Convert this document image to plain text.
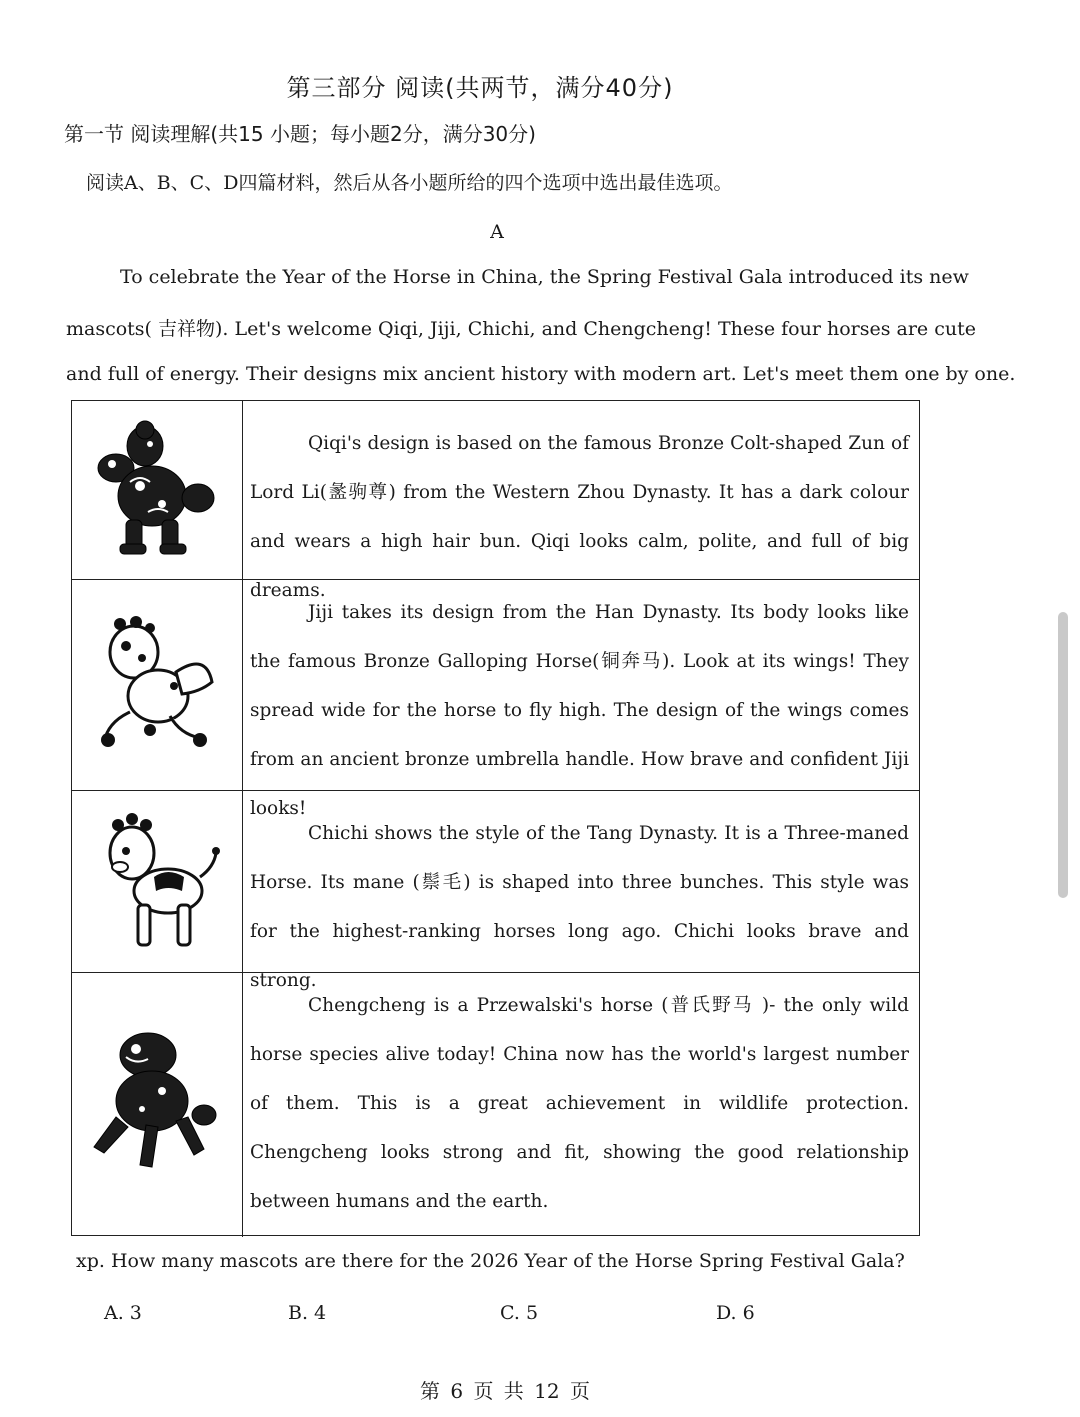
第三部分 阅读(共两节，满分40分)
第一节 阅读理解(共15 小题；每小题2分，满分30分)
阅读A、B、C、D四篇材料，然后从各小题所给的四个选项中选出最佳选项。
A
To celebrate the Year of the Horse in China, the Spring Festival Gala introduced its new
mascots( 吉祥物). Let's welcome Qiqi, Jiji, Chichi, and Chengcheng! These four horses are cute
and full of energy. Their designs mix ancient history with modern art. Let's meet them one by one.

Qiqi's design is based on the famous Bronze Colt-shaped Zun of Lord Li(盠驹尊) from the Western Zhou Dynasty. It has a dark colour and wears a high hair bun. Qiqi looks calm, polite, and full of big dreams.

Jiji takes its design from the Han Dynasty. Its body looks like the famous Bronze Galloping Horse(铜奔马). Look at its wings! They spread wide for the horse to fly high. The design of the wings comes from an ancient bronze umbrella handle. How brave and confident Jiji looks!

Chichi shows the style of the Tang Dynasty. It is a Three-maned Horse. Its mane (鬃毛) is shaped into three bunches. This style was for the highest-ranking horses long ago. Chichi looks brave and strong.

Chengcheng is a Przewalski's horse (普氏野马 )- the only wild horse species alive today! China now has the world's largest number of them. This is a great achievement in wildlife protection. Chengcheng looks strong and fit, showing the good relationship between humans and the earth.

xp. How many mascots are there for the 2026 Year of the Horse Spring Festival Gala?
A. 3	B. 4	C. 5	D. 6
第 6 页 共 12 页
